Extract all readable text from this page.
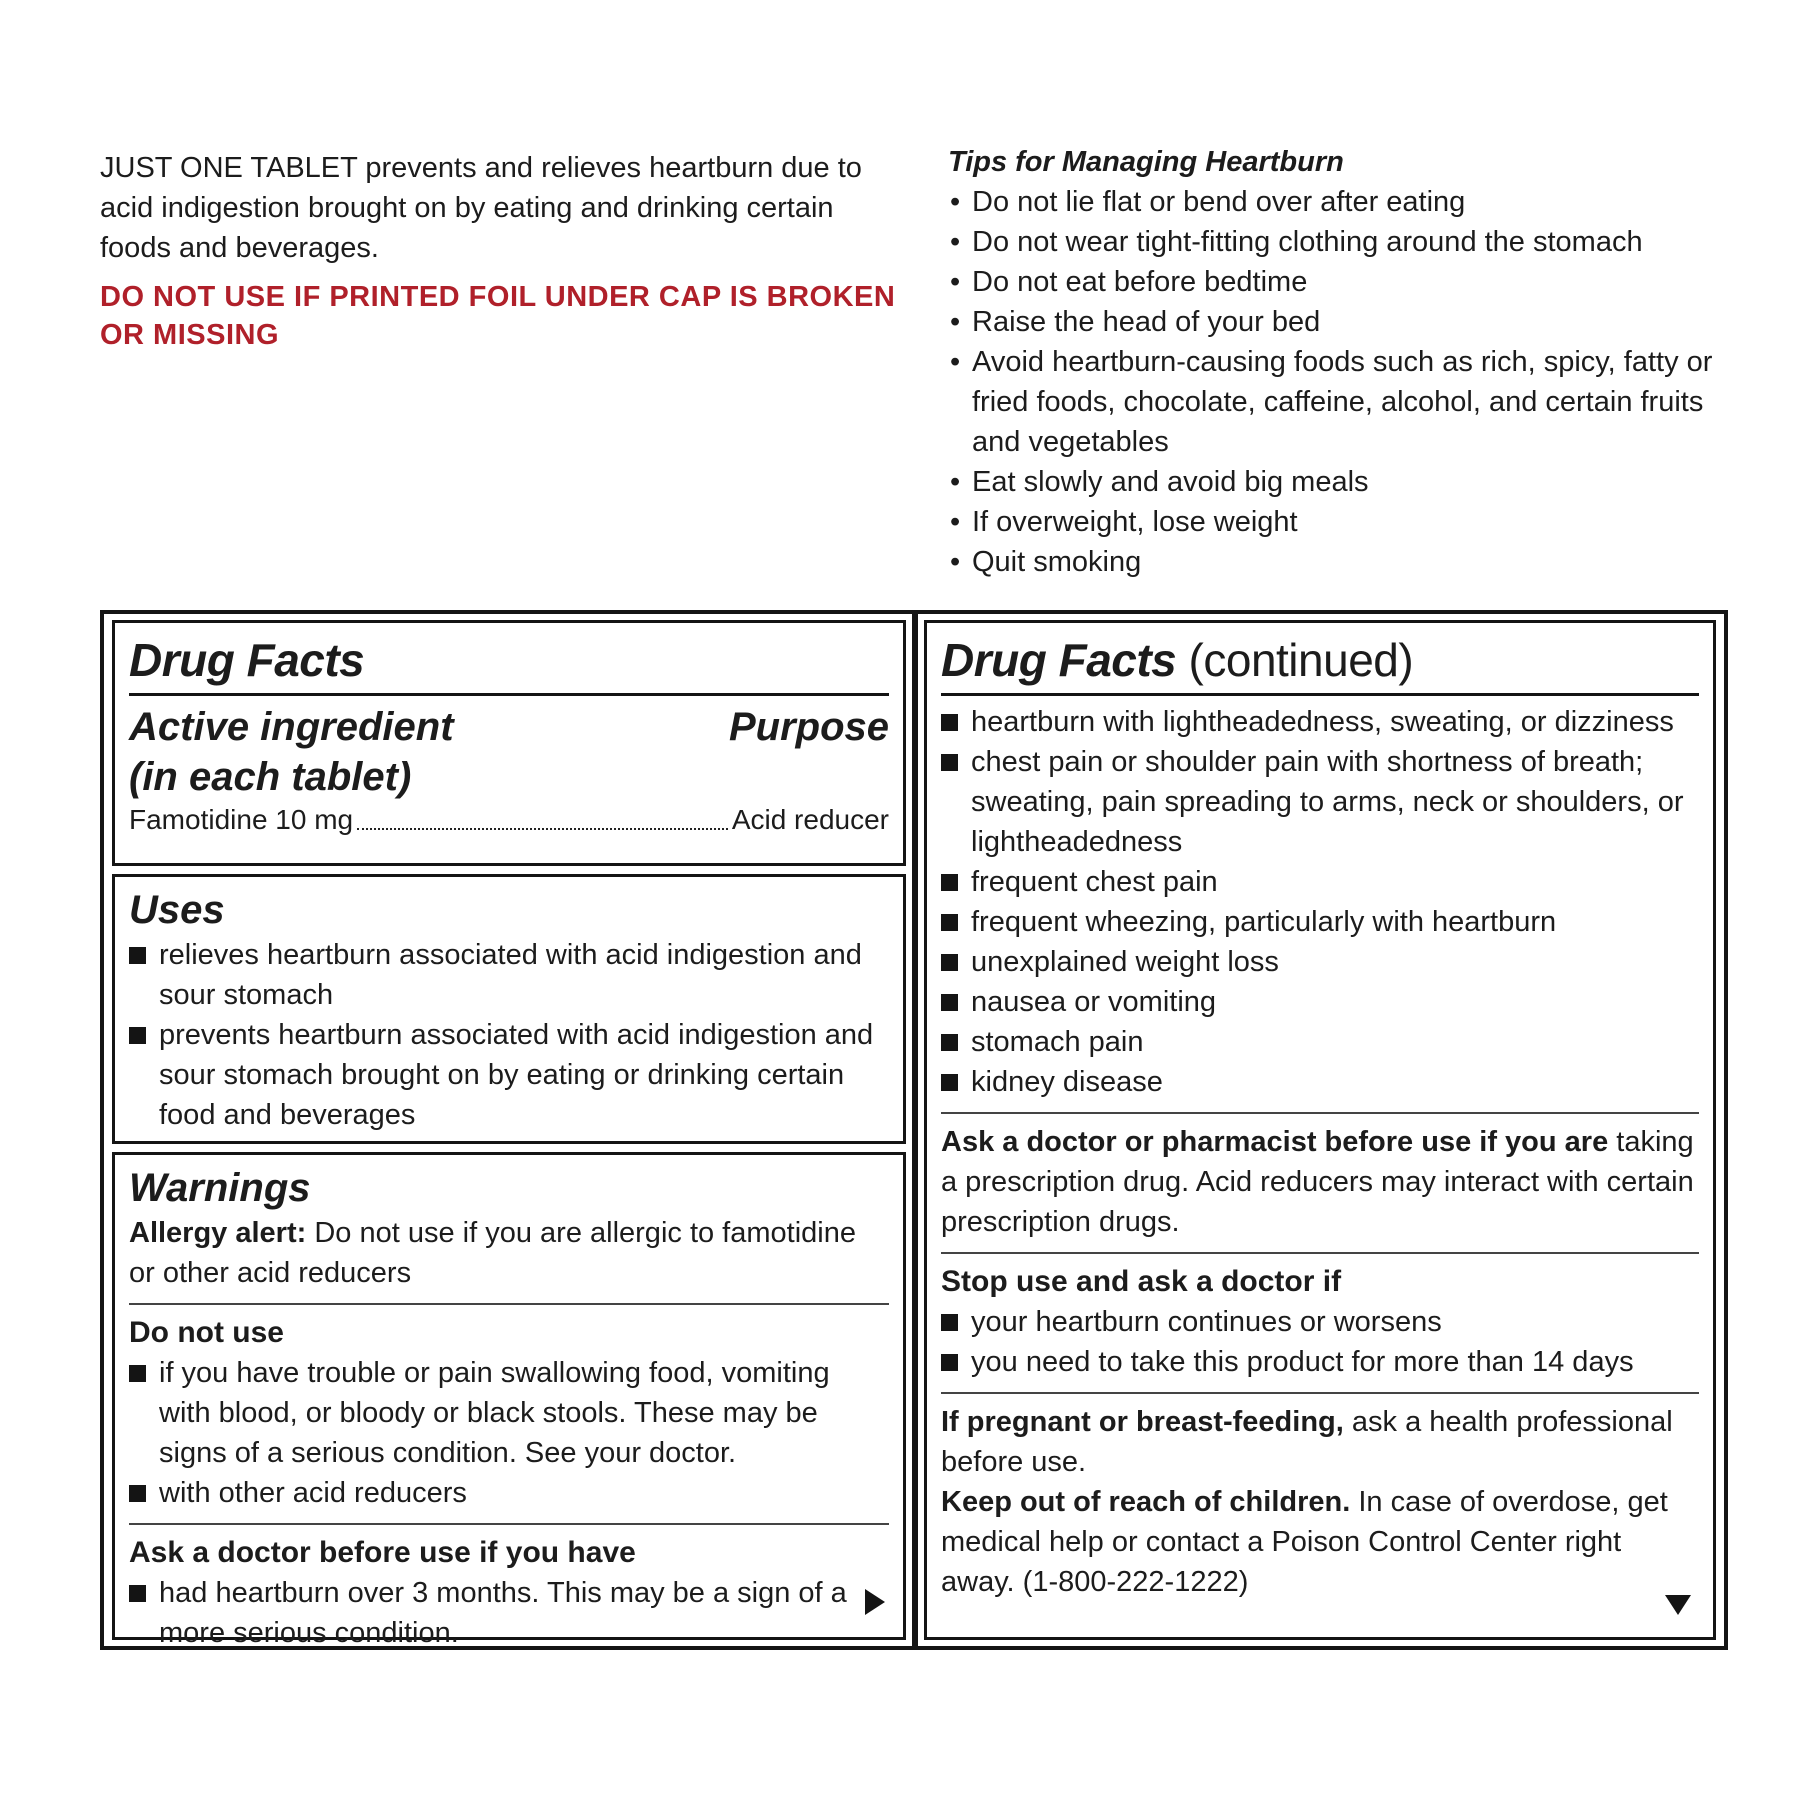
JUST ONE TABLET prevents and relieves heartburn due to acid indigestion brought on by eating and drinking certain foods and beverages.
DO NOT USE IF PRINTED FOIL UNDER CAP IS BROKEN OR MISSING
Tips for Managing Heartburn
• Do not lie flat or bend over after eating
• Do not wear tight-fitting clothing around the stomach
• Do not eat before bedtime
• Raise the head of your bed
• Avoid heartburn-causing foods such as rich, spicy, fatty or fried foods, chocolate, caffeine, alcohol, and certain fruits and vegetables
• Eat slowly and avoid big meals
• If overweight, lose weight
• Quit smoking
Drug Facts
Active ingredient	Purpose
(in each tablet)
Famotidine 10 mg	Acid reducer
Uses
relieves heartburn associated with acid indigestion and sour stomach
prevents heartburn associated with acid indigestion and sour stomach brought on by eating or drinking certain food and beverages
Warnings
Allergy alert: Do not use if you are allergic to famotidine or other acid reducers
Do not use
if you have trouble or pain swallowing food, vomiting with blood, or bloody or black stools. These may be signs of a serious condition. See your doctor.
with other acid reducers
Ask a doctor before use if you have
had heartburn over 3 months. This may be a sign of a more serious condition.
Drug Facts (continued)
heartburn with lightheadedness, sweating, or dizziness
chest pain or shoulder pain with shortness of breath; sweating, pain spreading to arms, neck or shoulders, or lightheadedness
frequent chest pain
frequent wheezing, particularly with heartburn
unexplained weight loss
nausea or vomiting
stomach pain
kidney disease
Ask a doctor or pharmacist before use if you are taking a prescription drug. Acid reducers may interact with certain prescription drugs.
Stop use and ask a doctor if
your heartburn continues or worsens
you need to take this product for more than 14 days
If pregnant or breast-feeding, ask a health professional before use.
Keep out of reach of children. In case of overdose, get medical help or contact a Poison Control Center right away. (1-800-222-1222)
